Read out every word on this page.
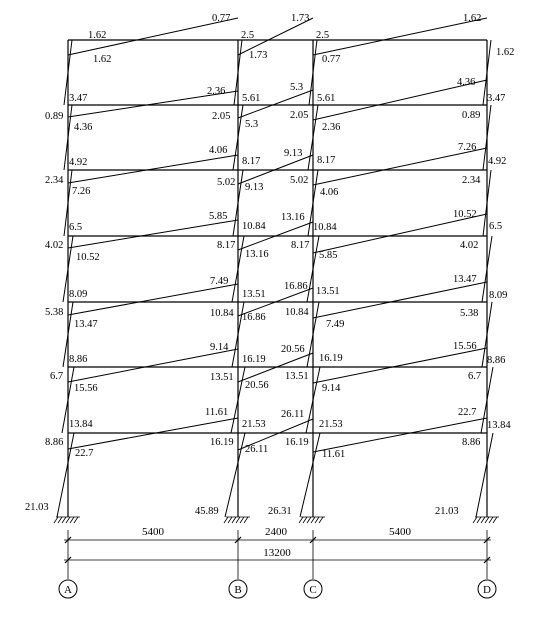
5400	2400	5400
13200
A	B	C	D
0.77
1.62
1.62
2.5
1.73
1.73
2.5
0.77
1.62
1.62
3.47
0.89
4.36
2.36
5.61
2.05
5.3
5.3
5.61
2.05
2.36
4.36
3.47
0.89
4.92
2.34
7.26
4.06
8.17
5.02 9.13
9.13
8.17
5.02
4.06
7.26
4.92
2.34
6.5
4.02
10.52
5.85
10.84
8.17
13.16
13.16
10.84
8.17
5.85
10.52
6.5
4.02
8.09
5.38
13.47
7.49
13.51
10.84 16.86
16.86 13.51
10.84
7.49
13.47
8.09
5.38
8.86
6.7
15.56
9.14
16.19
13.51
20.56
20.56
16.19
13.51
9.14
15.56
8.86
6.7
13.84
8.86
22.7
11.61
21.53
16.19
26.11
26.11
21.53
16.19
11.61
22.7
13.84
8.86
21.03	45.89	26.31	21.03
